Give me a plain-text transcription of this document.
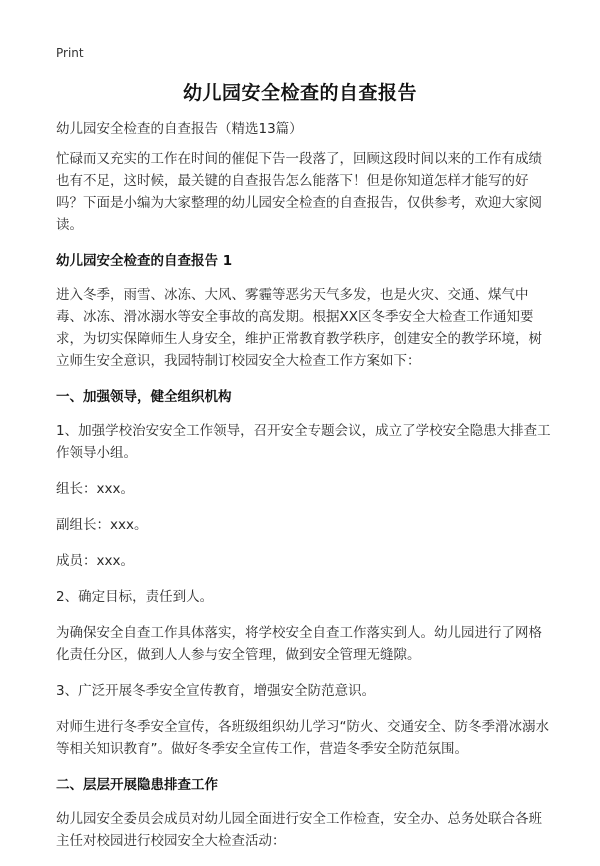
Print
幼儿园安全检查的自查报告

幼儿园安全检查的自查报告（精选13篇）

忙碌而又充实的工作在时间的催促下告一段落了，回顾这段时间以来的工作有成绩也有不足，这时候，最关键的自查报告怎么能落下！但是你知道怎样才能写的好吗？下面是小编为大家整理的幼儿园安全检查的自查报告，仅供参考，欢迎大家阅读。

幼儿园安全检查的自查报告 1

进入冬季，雨雪、冰冻、大风、雾霾等恶劣天气多发，也是火灾、交通、煤气中毒、冰冻、滑冰溺水等安全事故的高发期。根据XX区冬季安全大检查工作通知要求，为切实保障师生人身安全，维护正常教育教学秩序，创建安全的教学环境，树立师生安全意识，我园特制订校园安全大检查工作方案如下：

一、加强领导，健全组织机构

1、加强学校治安安全工作领导，召开安全专题会议，成立了学校安全隐患大排查工作领导小组。

组长：xxx。

副组长：xxx。

成员：xxx。

2、确定目标，责任到人。

为确保安全自查工作具体落实，将学校安全自查工作落实到人。幼儿园进行了网格化责任分区，做到人人参与安全管理，做到安全管理无缝隙。

3、广泛开展冬季安全宣传教育，增强安全防范意识。

对师生进行冬季安全宣传，各班级组织幼儿学习“防火、交通安全、防冬季滑冰溺水等相关知识教育”。做好冬季安全宣传工作，营造冬季安全防范氛围。

二、层层开展隐患排查工作

幼儿园安全委员会成员对幼儿园全面进行安全工作检查，安全办、总务处联合各班主任对校园进行校园安全大检查活动：
